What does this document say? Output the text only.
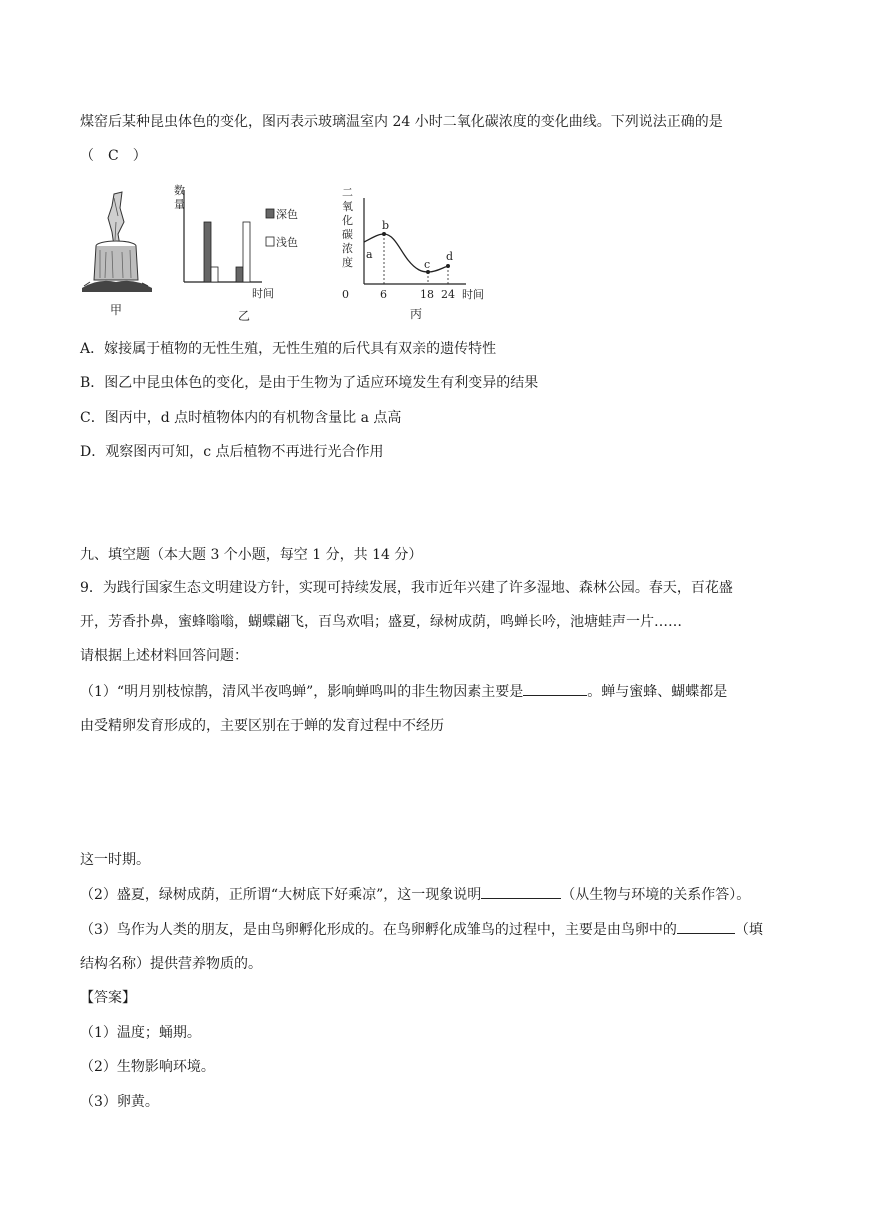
煤窑后某种昆虫体色的变化，图丙表示玻璃温室内 24 小时二氧化碳浓度的变化曲线。下列说法正确的是
（　C　）
甲
数
量
深色
浅色
时间
乙
二
氧
化
碳
浓
度
a
b
c
d
0	6	18 24 时间
丙
A．嫁接属于植物的无性生殖，无性生殖的后代具有双亲的遗传特性
B．图乙中昆虫体色的变化，是由于生物为了适应环境发生有利变异的结果
C．图丙中，d 点时植物体内的有机物含量比 a 点高
D．观察图丙可知，c 点后植物不再进行光合作用
九、填空题（本大题 3 个小题，每空 1 分，共 14 分）
9．为践行国家生态文明建设方针，实现可持续发展，我市近年兴建了许多湿地、森林公园。春天，百花盛
开，芳香扑鼻，蜜蜂嗡嗡，蝴蝶翩飞，百鸟欢唱；盛夏，绿树成荫，鸣蝉长吟，池塘蛙声一片……
请根据上述材料回答问题：
（1）“明月别枝惊鹊，清风半夜鸣蝉”，影响蝉鸣叫的非生物因素主要是	。蝉与蜜蜂、蝴蝶都是
由受精卵发育形成的，主要区别在于蝉的发育过程中不经历
这一时期。
（2）盛夏，绿树成荫，正所谓“大树底下好乘凉”，这一现象说明	（从生物与环境的关系作答）。
（3）鸟作为人类的朋友，是由鸟卵孵化形成的。在鸟卵孵化成雏鸟的过程中，主要是由鸟卵中的	（填
结构名称）提供营养物质的。
【答案】
（1）温度；蛹期。
（2）生物影响环境。
（3）卵黄。
